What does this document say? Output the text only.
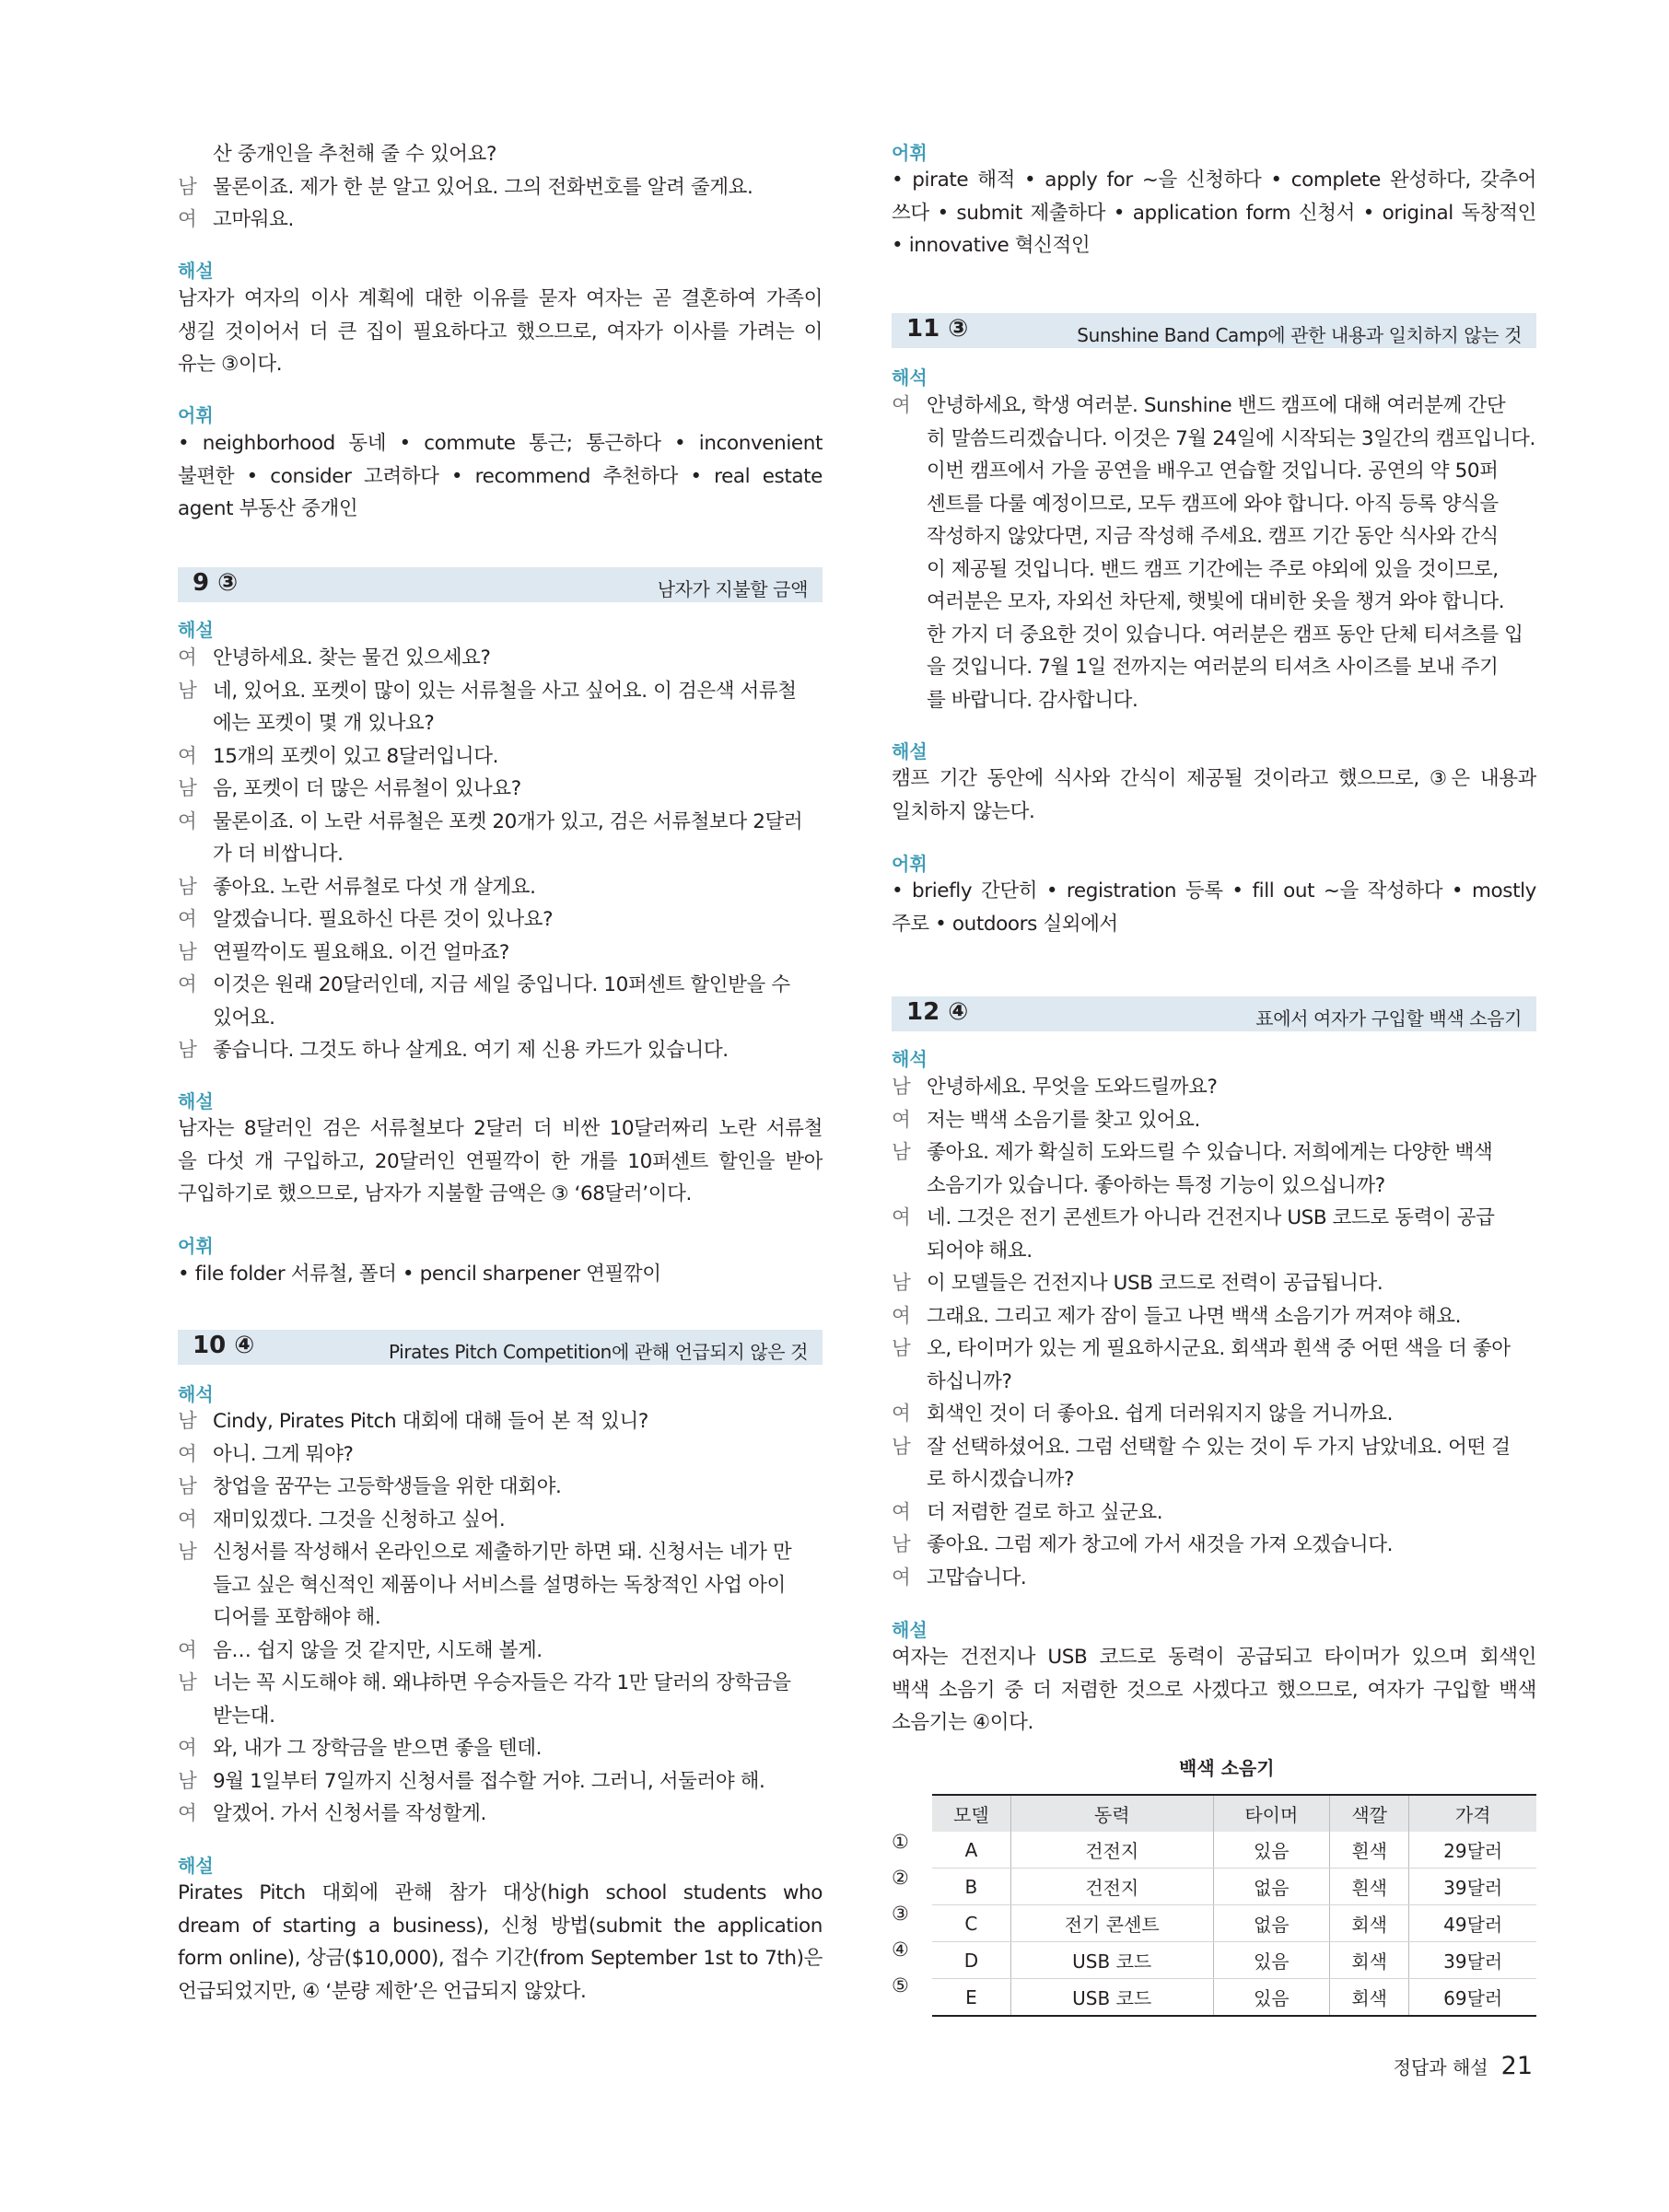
산 중개인을 추천해 줄 수 있어요?
남 물론이죠. 제가 한 분 알고 있어요. 그의 전화번호를 알려 줄게요.
여 고마워요.
해설
남자가 여자의 이사 계획에 대한 이유를 묻자 여자는 곧 결혼하여 가족이
생길 것이어서 더 큰 집이 필요하다고 했으므로, 여자가 이사를 가려는 이
유는 ③이다.
어휘
• neighborhood 동네 • commute 통근; 통근하다 • inconvenient
불편한 • consider 고려하다 • recommend 추천하다 • real estate
agent 부동산 중개인
9 ③	남자가 지불할 금액
해설
여 안녕하세요. 찾는 물건 있으세요?
남 네, 있어요. 포켓이 많이 있는 서류철을 사고 싶어요. 이 검은색 서류철
에는 포켓이 몇 개 있나요?
여 15개의 포켓이 있고 8달러입니다.
남 음, 포켓이 더 많은 서류철이 있나요?
여 물론이죠. 이 노란 서류철은 포켓 20개가 있고, 검은 서류철보다 2달러
가 더 비쌉니다.
남 좋아요. 노란 서류철로 다섯 개 살게요.
여 알겠습니다. 필요하신 다른 것이 있나요?
남 연필깍이도 필요해요. 이건 얼마죠?
여 이것은 원래 20달러인데, 지금 세일 중입니다. 10퍼센트 할인받을 수
있어요.
남 좋습니다. 그것도 하나 살게요. 여기 제 신용 카드가 있습니다.
해설
남자는 8달러인 검은 서류철보다 2달러 더 비싼 10달러짜리 노란 서류철
을 다섯 개 구입하고, 20달러인 연필깍이 한 개를 10퍼센트 할인을 받아
구입하기로 했으므로, 남자가 지불할 금액은 ③ ‘68달러’이다.
어휘
• file folder 서류철, 폴더 • pencil sharpener 연필깎이
10 ④	Pirates Pitch Competition에 관해 언급되지 않은 것
해석
남 Cindy, Pirates Pitch 대회에 대해 들어 본 적 있니?
여 아니. 그게 뭐야?
남 창업을 꿈꾸는 고등학생들을 위한 대회야.
여 재미있겠다. 그것을 신청하고 싶어.
남 신청서를 작성해서 온라인으로 제출하기만 하면 돼. 신청서는 네가 만
들고 싶은 혁신적인 제품이나 서비스를 설명하는 독창적인 사업 아이
디어를 포함해야 해.
여 음… 쉽지 않을 것 같지만, 시도해 볼게.
남 너는 꼭 시도해야 해. 왜냐하면 우승자들은 각각 1만 달러의 장학금을
받는대.
여 와, 내가 그 장학금을 받으면 좋을 텐데.
남 9월 1일부터 7일까지 신청서를 접수할 거야. 그러니, 서둘러야 해.
여 알겠어. 가서 신청서를 작성할게.
해설
Pirates Pitch 대회에 관해 참가 대상(high school students who
dream of starting a business), 신청 방법(submit the application
form online), 상금($10,000), 접수 기간(from September 1st to 7th)은
언급되었지만, ④ ‘분량 제한’은 언급되지 않았다.
어휘
• pirate 해적 • apply for ~을 신청하다 • complete 완성하다, 갖추어
쓰다 • submit 제출하다 • application form 신청서 • original 독창적인
• innovative 혁신적인
11 ③	Sunshine Band Camp에 관한 내용과 일치하지 않는 것
해석
여 안녕하세요, 학생 여러분. Sunshine 밴드 캠프에 대해 여러분께 간단
히 말씀드리겠습니다. 이것은 7월 24일에 시작되는 3일간의 캠프입니다.
이번 캠프에서 가을 공연을 배우고 연습할 것입니다. 공연의 약 50퍼
센트를 다룰 예정이므로, 모두 캠프에 와야 합니다. 아직 등록 양식을
작성하지 않았다면, 지금 작성해 주세요. 캠프 기간 동안 식사와 간식
이 제공될 것입니다. 밴드 캠프 기간에는 주로 야외에 있을 것이므로,
여러분은 모자, 자외선 차단제, 햇빛에 대비한 옷을 챙겨 와야 합니다.
한 가지 더 중요한 것이 있습니다. 여러분은 캠프 동안 단체 티셔츠를 입
을 것입니다. 7월 1일 전까지는 여러분의 티셔츠 사이즈를 보내 주기
를 바랍니다. 감사합니다.
해설
캠프 기간 동안에 식사와 간식이 제공될 것이라고 했으므로, ③은 내용과
일치하지 않는다.
어휘
• briefly 간단히 • registration 등록 • fill out ~을 작성하다 • mostly
주로 • outdoors 실외에서
12 ④	표에서 여자가 구입할 백색 소음기
해석
남 안녕하세요. 무엇을 도와드릴까요?
여 저는 백색 소음기를 찾고 있어요.
남 좋아요. 제가 확실히 도와드릴 수 있습니다. 저희에게는 다양한 백색
소음기가 있습니다. 좋아하는 특정 기능이 있으십니까?
여 네. 그것은 전기 콘센트가 아니라 건전지나 USB 코드로 동력이 공급
되어야 해요.
남 이 모델들은 건전지나 USB 코드로 전력이 공급됩니다.
여 그래요. 그리고 제가 잠이 들고 나면 백색 소음기가 꺼져야 해요.
남 오, 타이머가 있는 게 필요하시군요. 회색과 흰색 중 어떤 색을 더 좋아
하십니까?
여 회색인 것이 더 좋아요. 쉽게 더러워지지 않을 거니까요.
남 잘 선택하셨어요. 그럼 선택할 수 있는 것이 두 가지 남았네요. 어떤 걸
로 하시겠습니까?
여 더 저렴한 걸로 하고 싶군요.
남 좋아요. 그럼 제가 창고에 가서 새것을 가져 오겠습니다.
여 고맙습니다.
해설
여자는 건전지나 USB 코드로 동력이 공급되고 타이머가 있으며 회색인
백색 소음기 중 더 저렴한 것으로 사겠다고 했으므로, 여자가 구입할 백색
소음기는 ④이다.
백색 소음기
모델	동력	타이머	색깔	가격
A	건전지	있음	흰색	29달러
B	건전지	없음	흰색	39달러
C	전기 콘센트	없음	회색	49달러
D	USB 코드	있음	회색	39달러
E	USB 코드	있음	회색	69달러
①
②
③
④
⑤
정답과 해설 21
